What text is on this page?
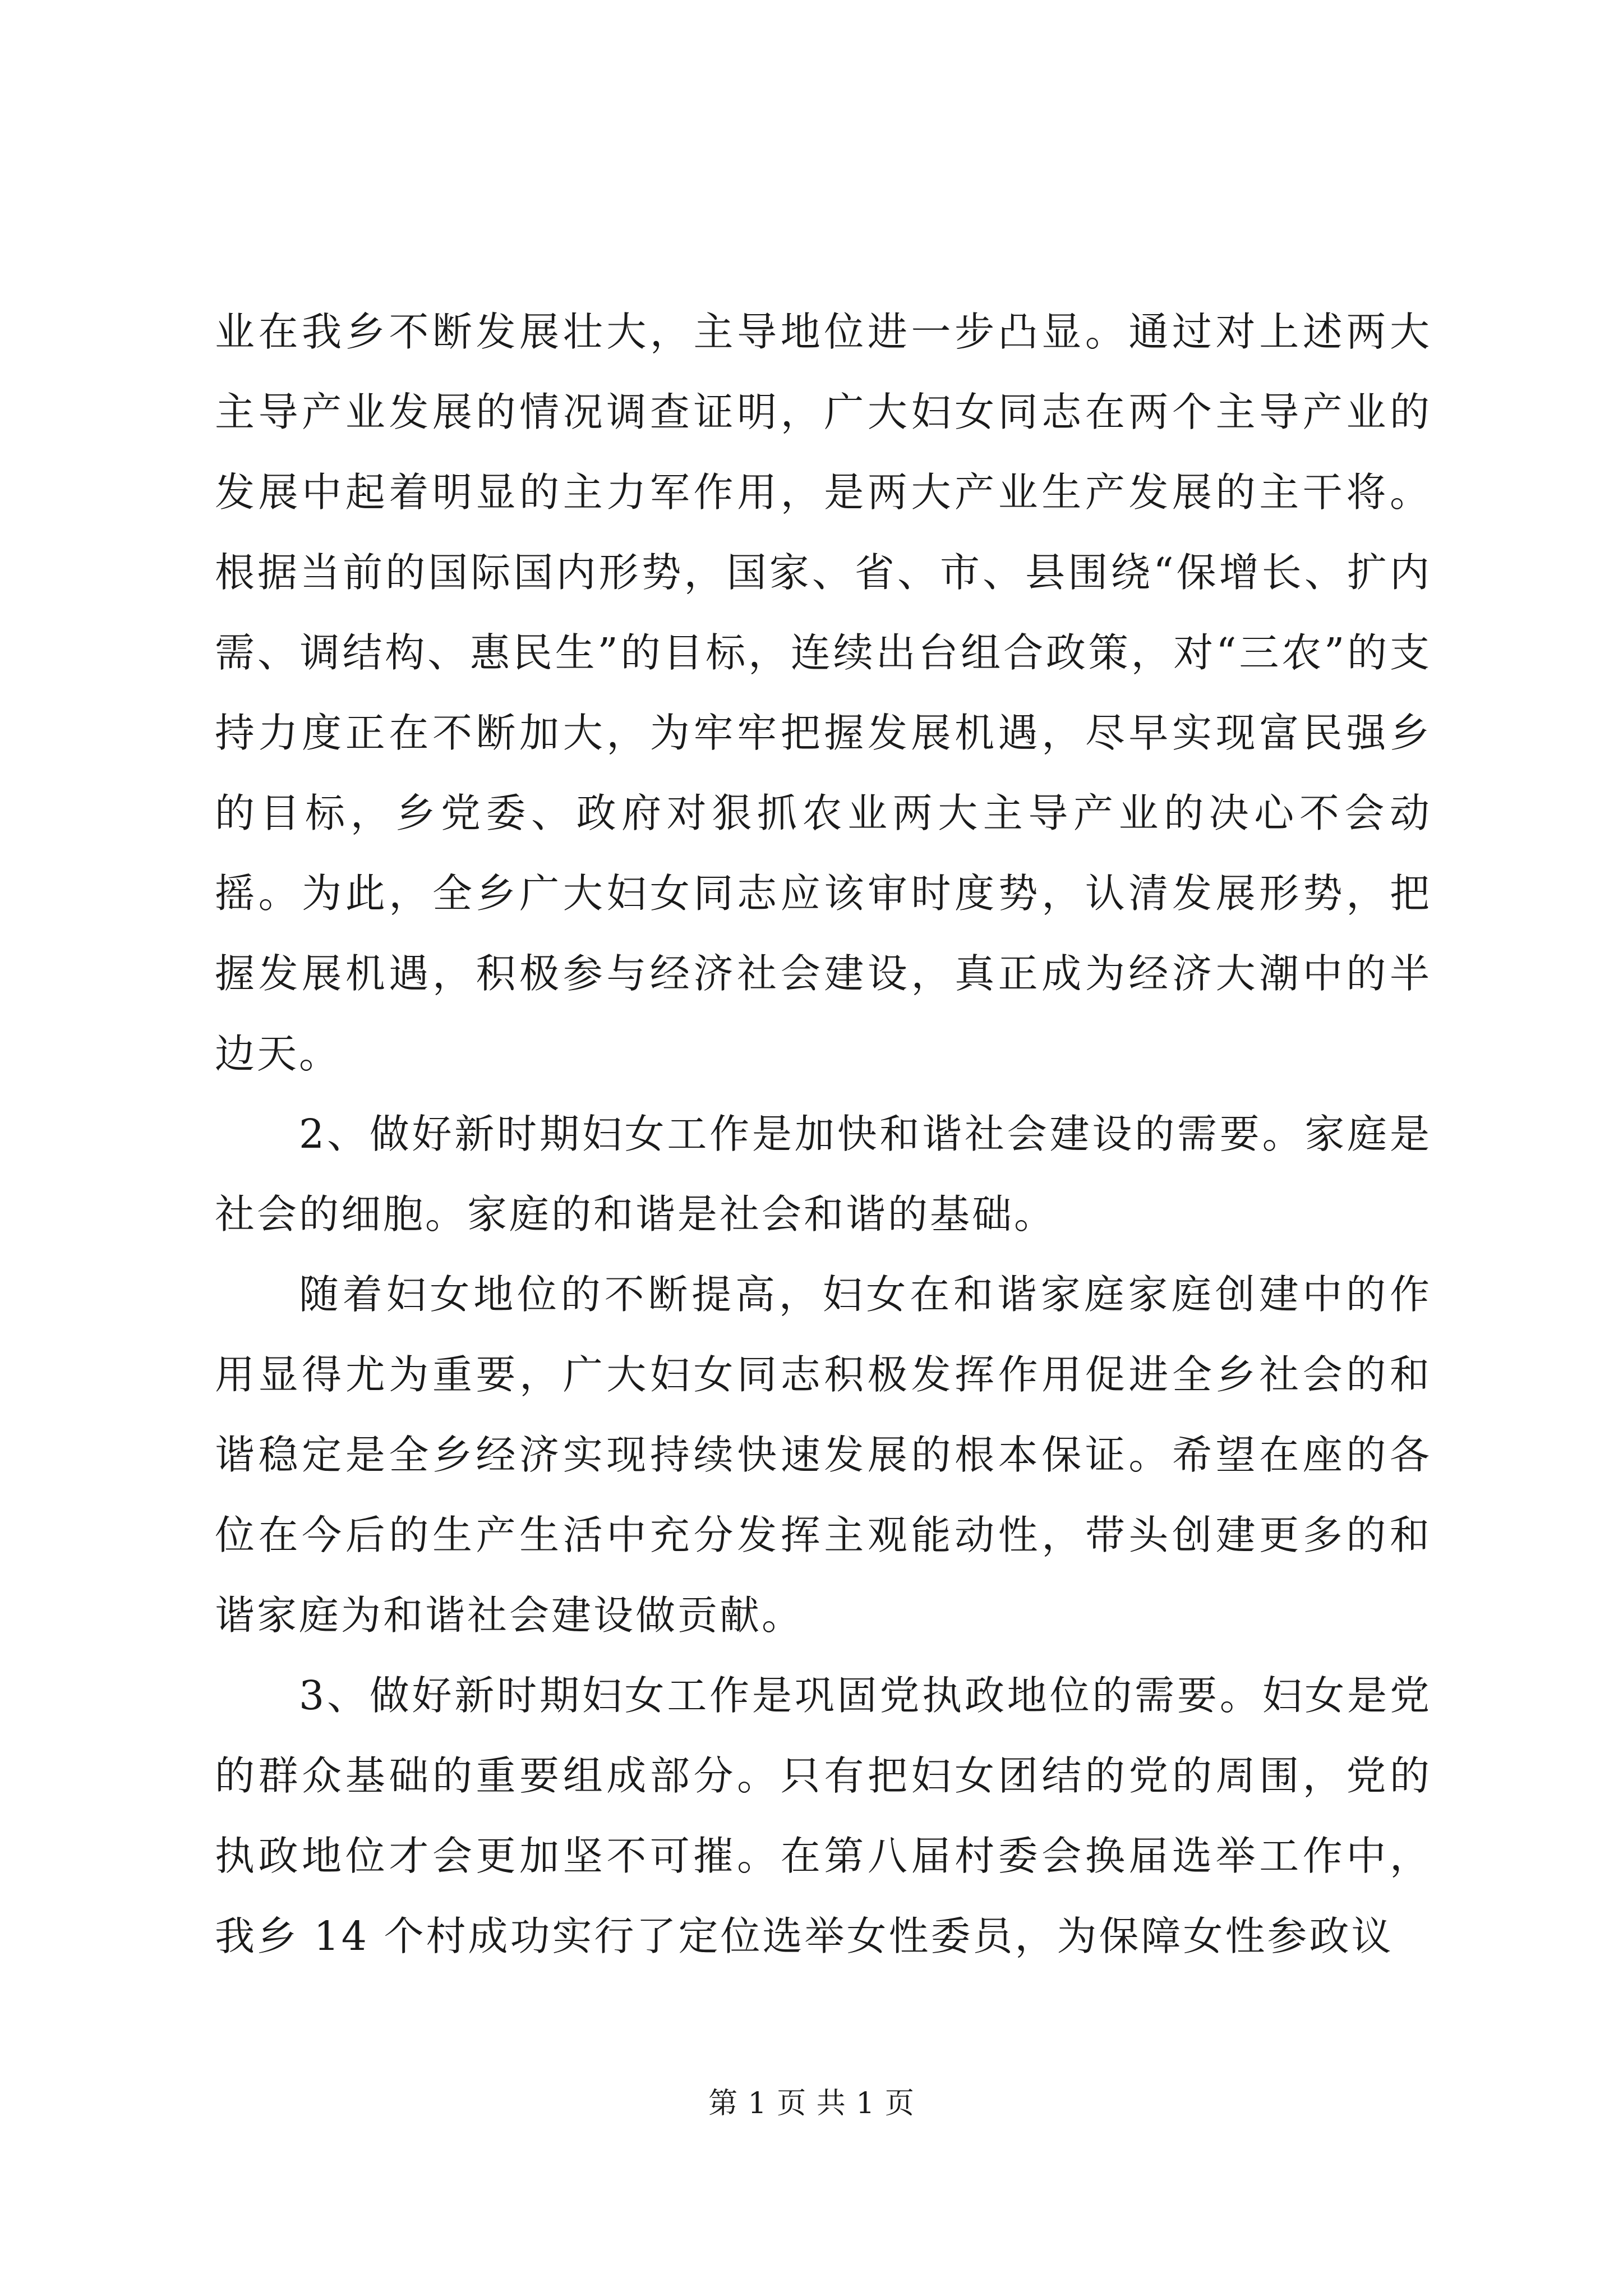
业在我乡不断发展壮大，主导地位进一步凸显。通过对上述两大主导产业发展的情况调查证明，广大妇女同志在两个主导产业的发展中起着明显的主力军作用，是两大产业生产发展的主干将。根据当前的国际国内形势，国家、省、市、县围绕“保增长、扩内需、调结构、惠民生”的目标，连续出台组合政策，对“三农”的支持力度正在不断加大，为牢牢把握发展机遇，尽早实现富民强乡的目标，乡党委、政府对狠抓农业两大主导产业的决心不会动摇。为此，全乡广大妇女同志应该审时度势，认清发展形势，把握发展机遇，积极参与经济社会建设，真正成为经济大潮中的半边天。

2、做好新时期妇女工作是加快和谐社会建设的需要。家庭是社会的细胞。家庭的和谐是社会和谐的基础。

随着妇女地位的不断提高，妇女在和谐家庭家庭创建中的作用显得尤为重要，广大妇女同志积极发挥作用促进全乡社会的和谐稳定是全乡经济实现持续快速发展的根本保证。希望在座的各位在今后的生产生活中充分发挥主观能动性，带头创建更多的和谐家庭为和谐社会建设做贡献。

3、做好新时期妇女工作是巩固党执政地位的需要。妇女是党的群众基础的重要组成部分。只有把妇女团结的党的周围，党的执政地位才会更加坚不可摧。在第八届村委会换届选举工作中，我乡 14 个村成功实行了定位选举女性委员，为保障女性参政议

第 1 页 共 1 页
